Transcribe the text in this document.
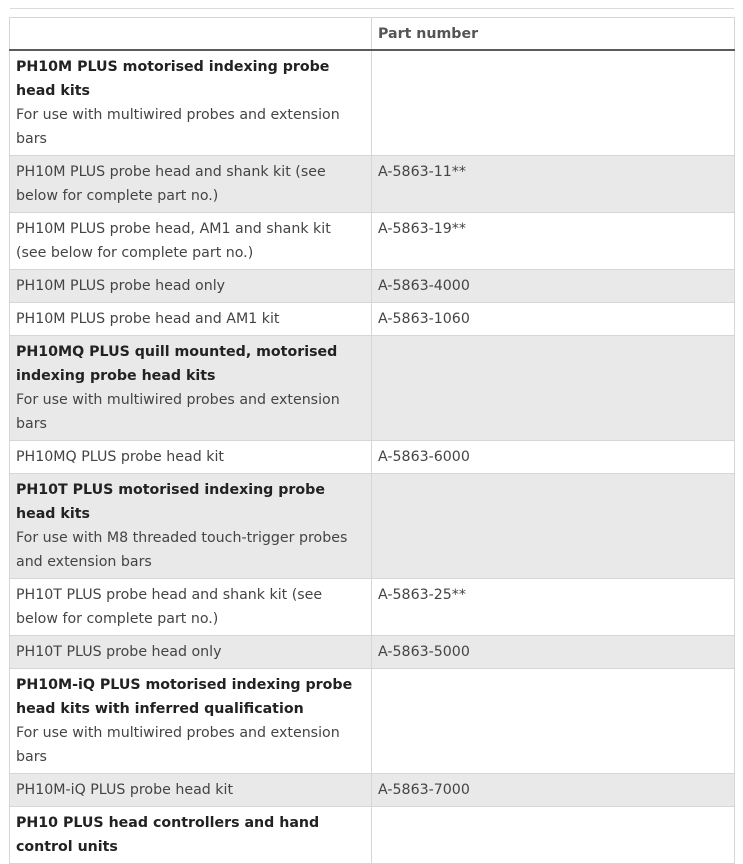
	Part number

PH10M PLUS motorised indexing probe head kits
For use with multiwired probes and extension bars	

PH10M PLUS probe head and shank kit (see below for complete part no.)	A-5863-11**
PH10M PLUS probe head, AM1 and shank kit (see below for complete part no.)	A-5863-19**
PH10M PLUS probe head only	A-5863-4000
PH10M PLUS probe head and AM1 kit	A-5863-1060

PH10MQ PLUS quill mounted, motorised indexing probe head kits
For use with multiwired probes and extension bars	

PH10MQ PLUS probe head kit	A-5863-6000

PH10T PLUS motorised indexing probe head kits
For use with M8 threaded touch-trigger probes and extension bars	

PH10T PLUS probe head and shank kit (see below for complete part no.)	A-5863-25**
PH10T PLUS probe head only	A-5863-5000

PH10M-iQ PLUS motorised indexing probe head kits with inferred qualification
For use with multiwired probes and extension bars	

PH10M-iQ PLUS probe head kit	A-5863-7000

PH10 PLUS head controllers and hand control units	
